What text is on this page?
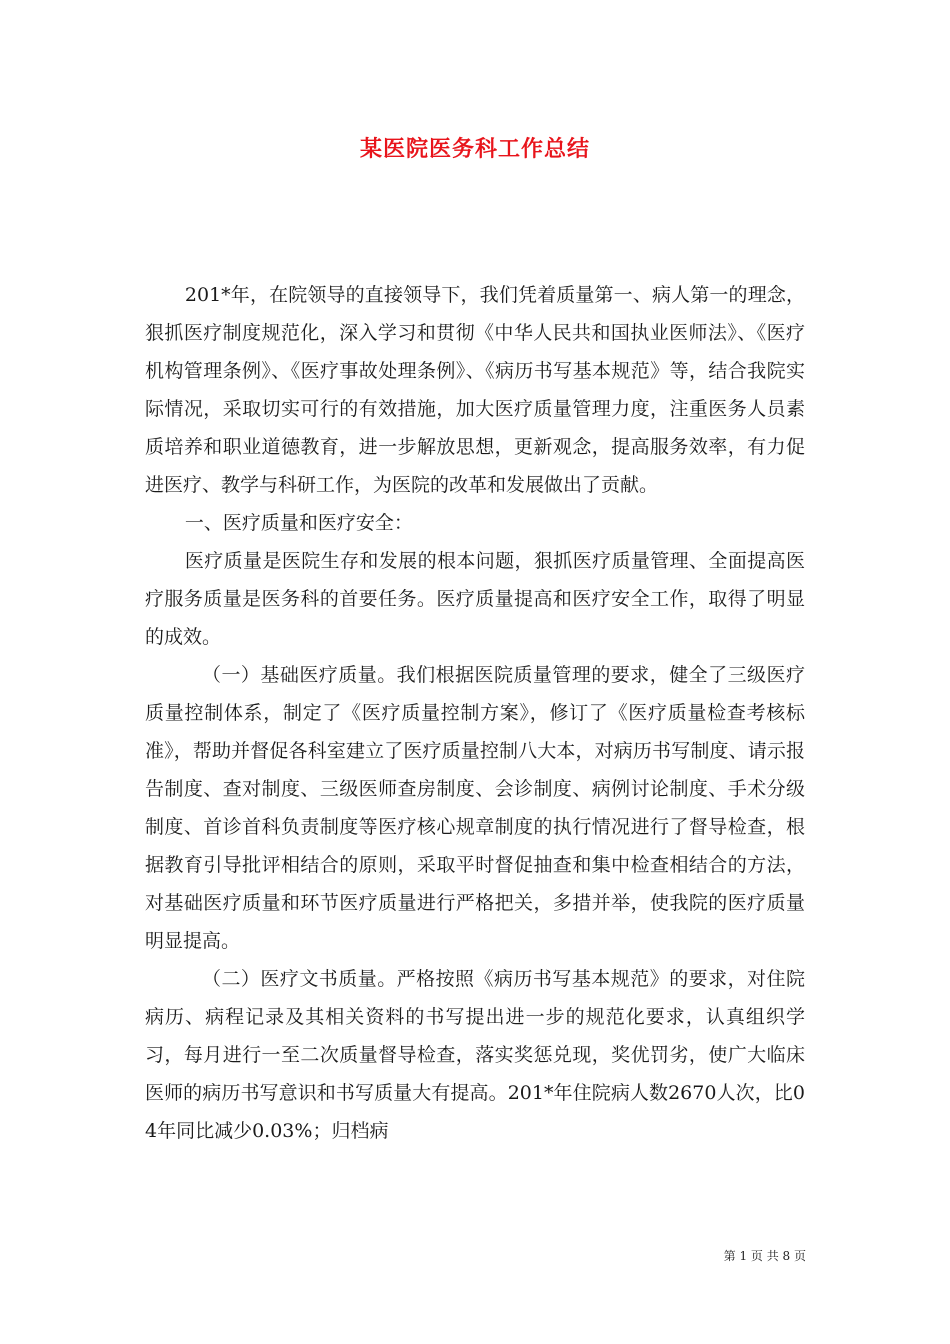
某医院医务科工作总结

201*年，在院领导的直接领导下，我们凭着质量第一、病人第一的理念，狠抓医疗制度规范化，深入学习和贯彻《中华人民共和国执业医师法》、《医疗机构管理条例》、《医疗事故处理条例》、《病历书写基本规范》等，结合我院实际情况，采取切实可行的有效措施，加大医疗质量管理力度，注重医务人员素质培养和职业道德教育，进一步解放思想，更新观念，提高服务效率，有力促进医疗、教学与科研工作，为医院的改革和发展做出了贡献。

一、医疗质量和医疗安全：

医疗质量是医院生存和发展的根本问题，狠抓医疗质量管理、全面提高医疗服务质量是医务科的首要任务。医疗质量提高和医疗安全工作，取得了明显的成效。

（一）基础医疗质量。我们根据医院质量管理的要求，健全了三级医疗质量控制体系，制定了《医疗质量控制方案》，修订了《医疗质量检查考核标准》，帮助并督促各科室建立了医疗质量控制八大本，对病历书写制度、请示报告制度、查对制度、三级医师查房制度、会诊制度、病例讨论制度、手术分级制度、首诊首科负责制度等医疗核心规章制度的执行情况进行了督导检查，根据教育引导批评相结合的原则，采取平时督促抽查和集中检查相结合的方法，对基础医疗质量和环节医疗质量进行严格把关，多措并举，使我院的医疗质量明显提高。

（二）医疗文书质量。严格按照《病历书写基本规范》的要求，对住院病历、病程记录及其相关资料的书写提出进一步的规范化要求，认真组织学习，每月进行一至二次质量督导检查，落实奖惩兑现，奖优罚劣，使广大临床医师的病历书写意识和书写质量大有提高。201*年住院病人数2670人次，比04年同比减少0.03%；归档病

第 1 页 共 8 页
